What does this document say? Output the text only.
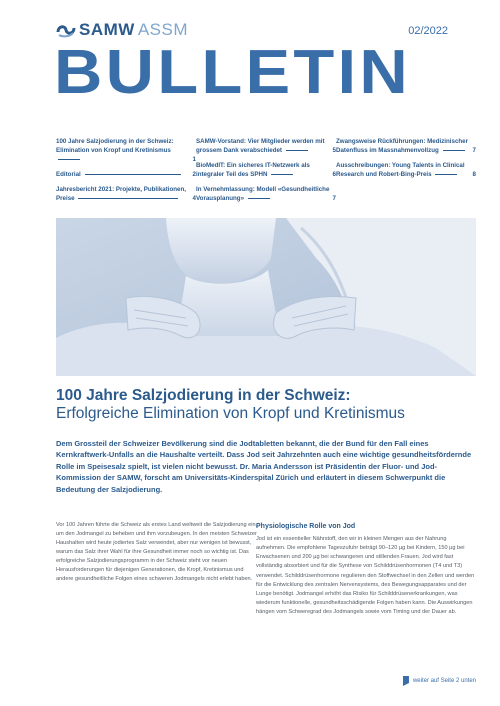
SAMW ASSM	02/2022
BULLETIN
100 Jahre Salzjodierung in der Schweiz: Elimination von Kropf und Kretinismus
1
Editorial	2
Jahresbericht 2021: Projekte, Publikationen, Preise	4
SAMW-Vorstand: Vier Mitglieder werden mit grossem Dank verabschiedet	5
BioMedIT: Ein sicheres IT-Netzwerk als integraler Teil des SPHN	6
In Vernehmlassung: Modell «Gesundheitliche Vorausplanung»	7
Zwangsweise Rückführungen: Medizinischer Datenfluss im Massnahmenvollzug	7
Ausschreibungen: Young Talents in Clinical Research und Robert-Bing-Preis	8
100 Jahre Salzjodierung in der Schweiz:
Erfolgreiche Elimination von Kropf und Kretinismus
Dem Grossteil der Schweizer Bevölkerung sind die Jodtabletten bekannt, die der Bund für den Fall eines Kernkraftwerk-Unfalls an die Haushalte verteilt. Dass Jod seit Jahrzehnten auch eine wichtige gesundheitsfördernde Rolle im Speisesalz spielt, ist vielen nicht bewusst. Dr. Maria Andersson ist Präsidentin der Fluor- und Jod-Kommission der SAMW, forscht am Universitäts-Kinderspital Zürich und erläutert in diesem Schwerpunkt die Bedeutung der Salzjodierung.
Vor 100 Jahren führte die Schweiz als erstes Land weltweit die Salzjodierung ein, um den Jodmangel zu beheben und ihm vorzubeugen. In den meisten Schweizer Haushalten wird heute jodiertes Salz verwendet, aber nur wenigen ist bewusst, warum das Salz ihrer Wahl für ihre Gesundheit immer noch so wichtig ist. Das erfolgreiche Salzjodierungsprogramm in der Schweiz steht vor neuen Herausforderungen für diejenigen Generationen, die Kropf, Kretinismus und andere gesundheitliche Folgen eines schweren Jodmangels nicht erlebt haben.
Physiologische Rolle von Jod
Jod ist ein essentieller Nährstoff, den wir in kleinen Mengen aus der Nahrung aufnehmen. Die empfohlene Tageszufuhr beträgt 90–120 µg bei Kindern, 150 µg bei Erwachsenen und 200 µg bei schwangeren und stillenden Frauen. Jod wird fast vollständig absorbiert und für die Synthese von Schilddrüsenhormonen (T4 und T3) verwendet. Schilddrüsenhormone regulieren den Stoffwechsel in den Zellen und werden für die Entwicklung des zentralen Nervensystems, des Bewegungsapparates und der Lunge benötigt. Jodmangel erhöht das Risiko für Schilddrüsenerkrankungen, was wiederum funktionelle, gesundheitsschädigende Folgen haben kann. Die Auswirkungen hängen vom Schweregrad des Jodmangels sowie vom Timing und der Dauer ab.
weiter auf Seite 2 unten
